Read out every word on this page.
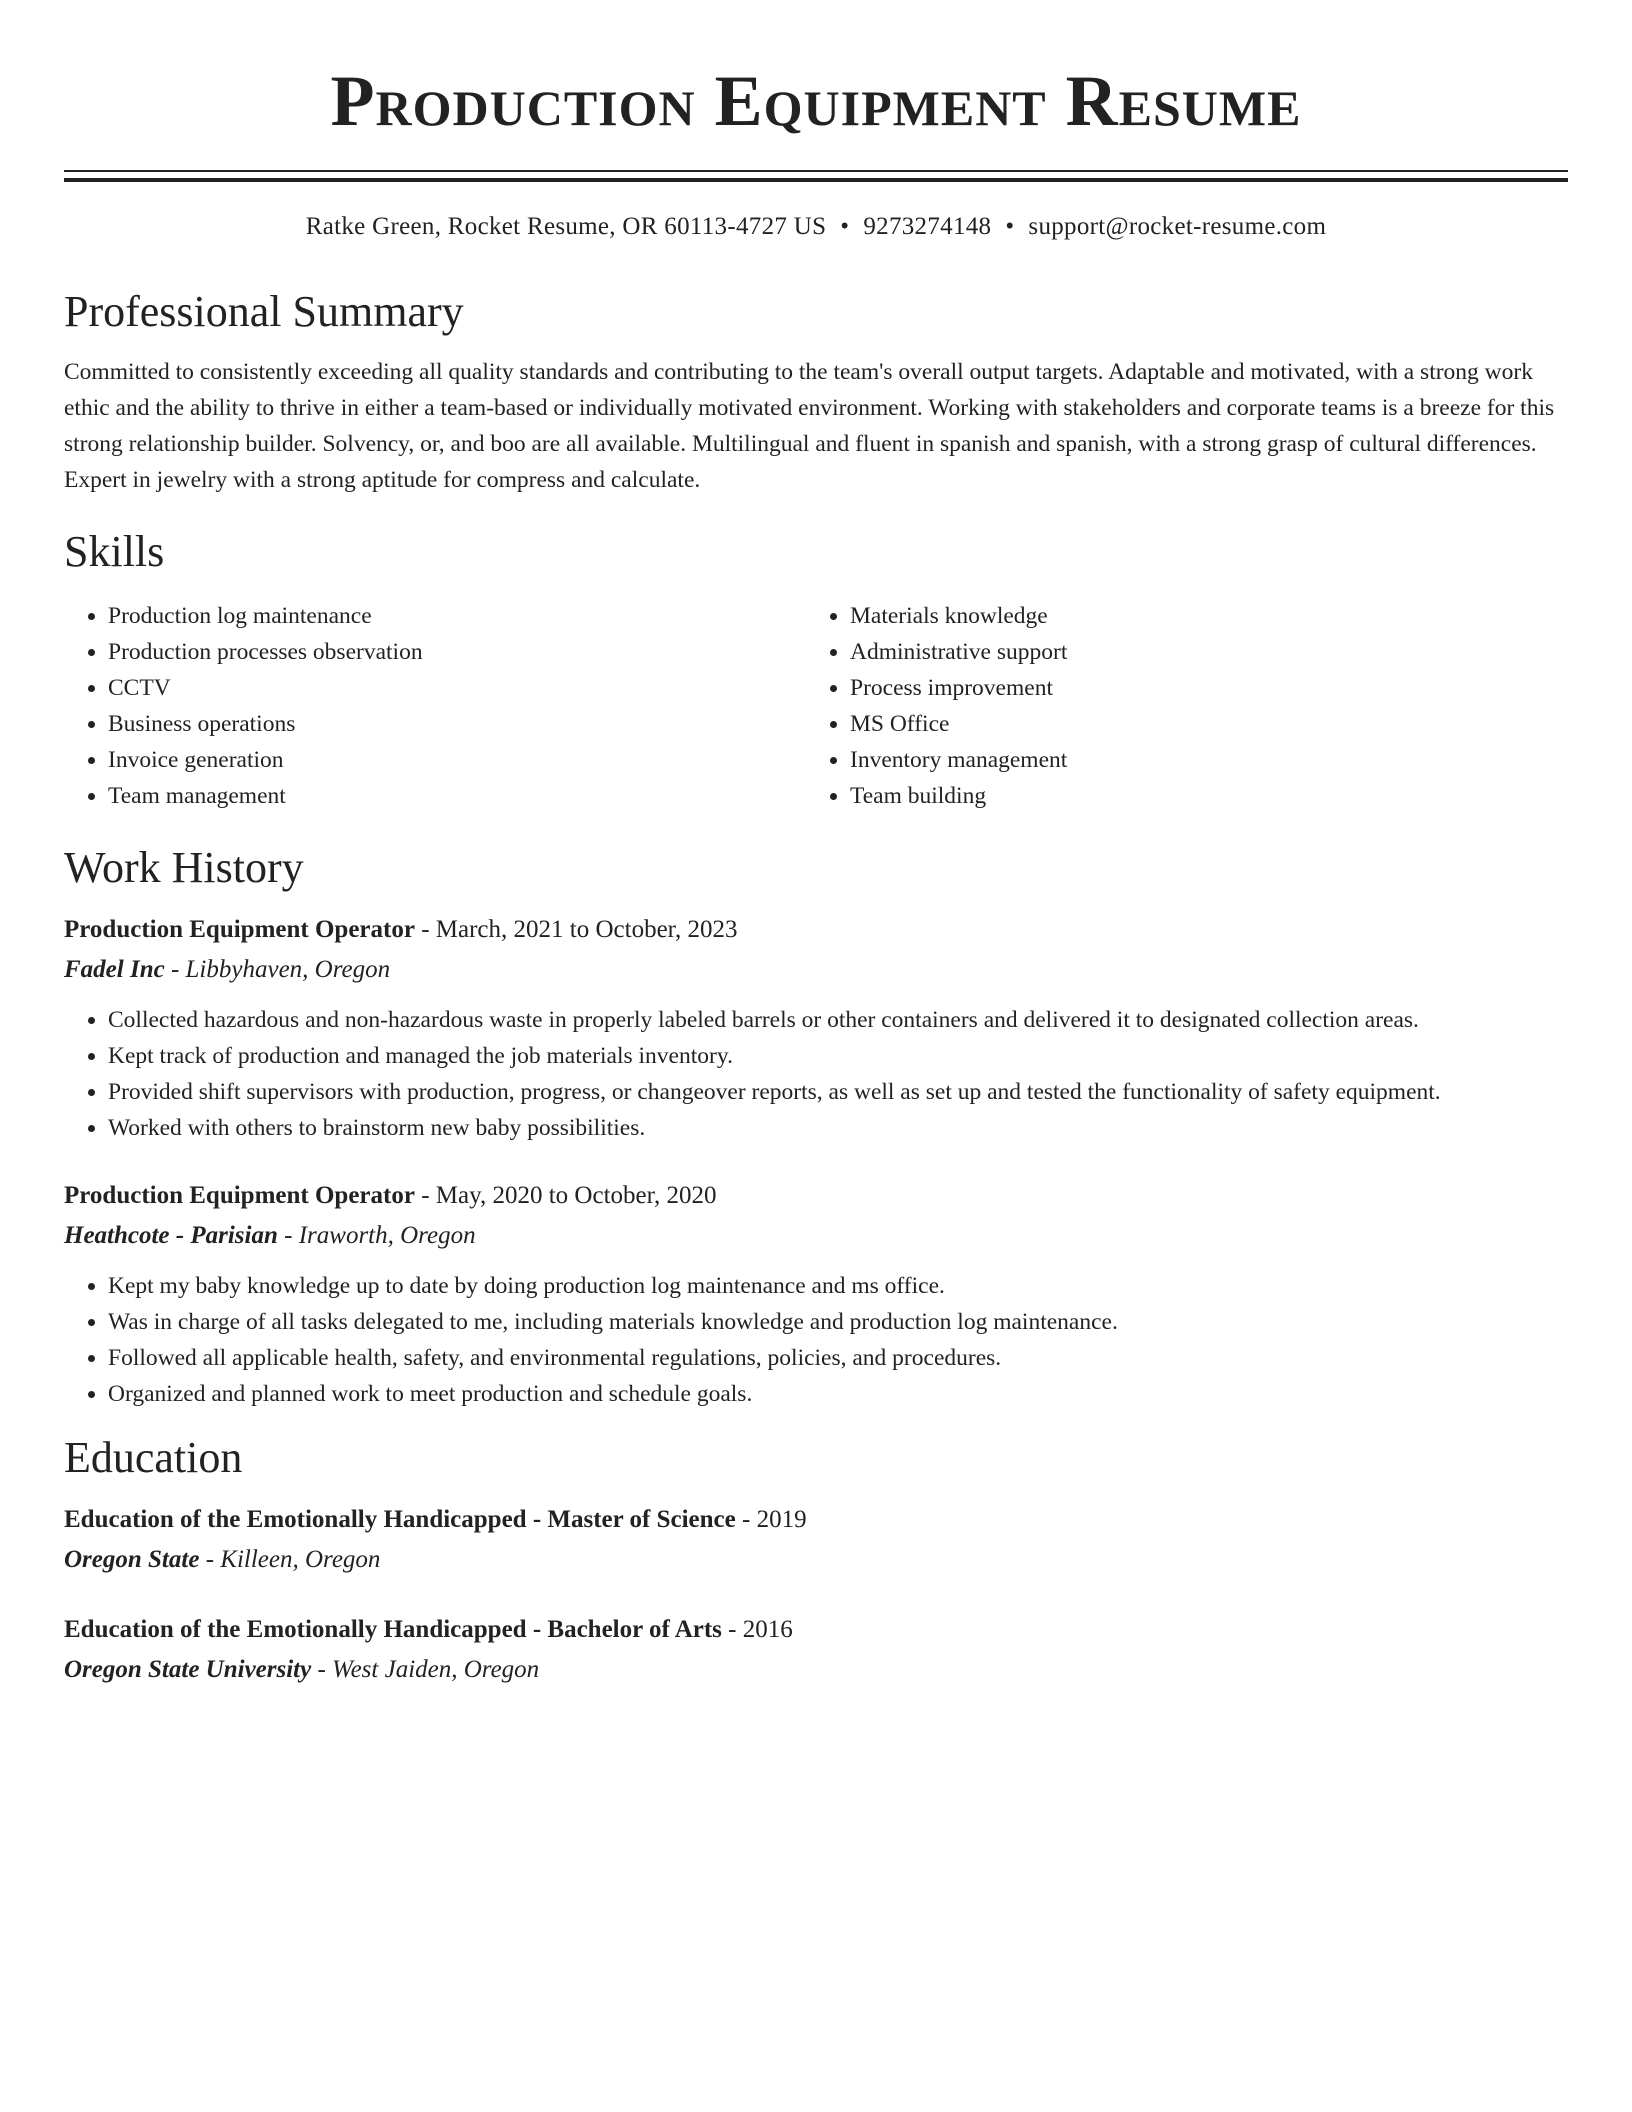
Production Equipment Resume
Ratke Green, Rocket Resume, OR 60113-4727 US • 9273274148 • support@rocket-resume.com
Professional Summary

Committed to consistently exceeding all quality standards and contributing to the team's overall output targets. Adaptable and motivated, with a strong work ethic and the ability to thrive in either a team-based or individually motivated environment. Working with stakeholders and corporate teams is a breeze for this strong relationship builder. Solvency, or, and boo are all available. Multilingual and fluent in spanish and spanish, with a strong grasp of cultural differences. Expert in jewelry with a strong aptitude for compress and calculate.

Skills
• Production log maintenance
• Production processes observation
• CCTV
• Business operations
• Invoice generation
• Team management
• Materials knowledge
• Administrative support
• Process improvement
• MS Office
• Inventory management
• Team building
Work History
Production Equipment Operator - March, 2021 to October, 2023
Fadel Inc - Libbyhaven, Oregon
• Collected hazardous and non-hazardous waste in properly labeled barrels or other containers and delivered it to designated collection areas.
• Kept track of production and managed the job materials inventory.
• Provided shift supervisors with production, progress, or changeover reports, as well as set up and tested the functionality of safety equipment.
• Worked with others to brainstorm new baby possibilities.
Production Equipment Operator - May, 2020 to October, 2020
Heathcote - Parisian - Iraworth, Oregon
• Kept my baby knowledge up to date by doing production log maintenance and ms office.
• Was in charge of all tasks delegated to me, including materials knowledge and production log maintenance.
• Followed all applicable health, safety, and environmental regulations, policies, and procedures.
• Organized and planned work to meet production and schedule goals.
Education
Education of the Emotionally Handicapped - Master of Science - 2019
Oregon State - Killeen, Oregon
Education of the Emotionally Handicapped - Bachelor of Arts - 2016
Oregon State University - West Jaiden, Oregon
